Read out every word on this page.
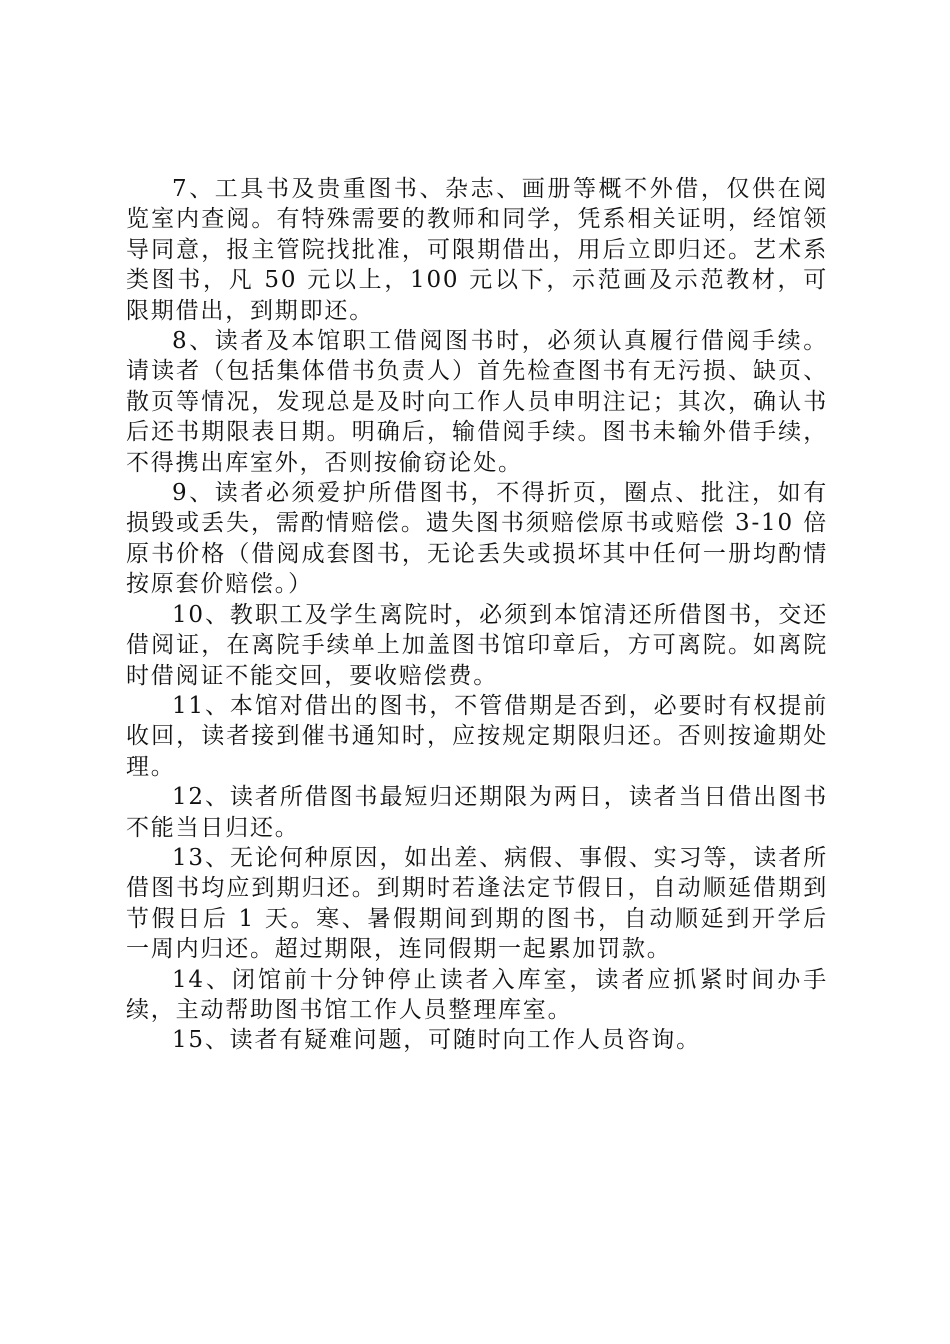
7、工具书及贵重图书、杂志、画册等概不外借，仅供在阅览室内查阅。有特殊需要的教师和同学，凭系相关证明，经馆领导同意，报主管院找批准，可限期借出，用后立即归还。艺术系类图书，凡 50 元以上，100 元以下，示范画及示范教材，可限期借出，到期即还。

8、读者及本馆职工借阅图书时，必须认真履行借阅手续。请读者（包括集体借书负责人）首先检查图书有无污损、缺页、散页等情况，发现总是及时向工作人员申明注记；其次，确认书后还书期限表日期。明确后，输借阅手续。图书未输外借手续，不得携出库室外，否则按偷窃论处。

9、读者必须爱护所借图书，不得折页，圈点、批注，如有损毁或丢失，需酌情赔偿。遗失图书须赔偿原书或赔偿 3-10 倍原书价格（借阅成套图书，无论丢失或损坏其中任何一册均酌情按原套价赔偿。）

10、教职工及学生离院时，必须到本馆清还所借图书，交还借阅证，在离院手续单上加盖图书馆印章后，方可离院。如离院时借阅证不能交回，要收赔偿费。

11、本馆对借出的图书，不管借期是否到，必要时有权提前收回，读者接到催书通知时，应按规定期限归还。否则按逾期处理。

12、读者所借图书最短归还期限为两日，读者当日借出图书不能当日归还。

13、无论何种原因，如出差、病假、事假、实习等，读者所借图书均应到期归还。到期时若逢法定节假日，自动顺延借期到节假日后 1 天。寒、暑假期间到期的图书，自动顺延到开学后一周内归还。超过期限，连同假期一起累加罚款。

14、闭馆前十分钟停止读者入库室，读者应抓紧时间办手续，主动帮助图书馆工作人员整理库室。

15、读者有疑难问题，可随时向工作人员咨询。
